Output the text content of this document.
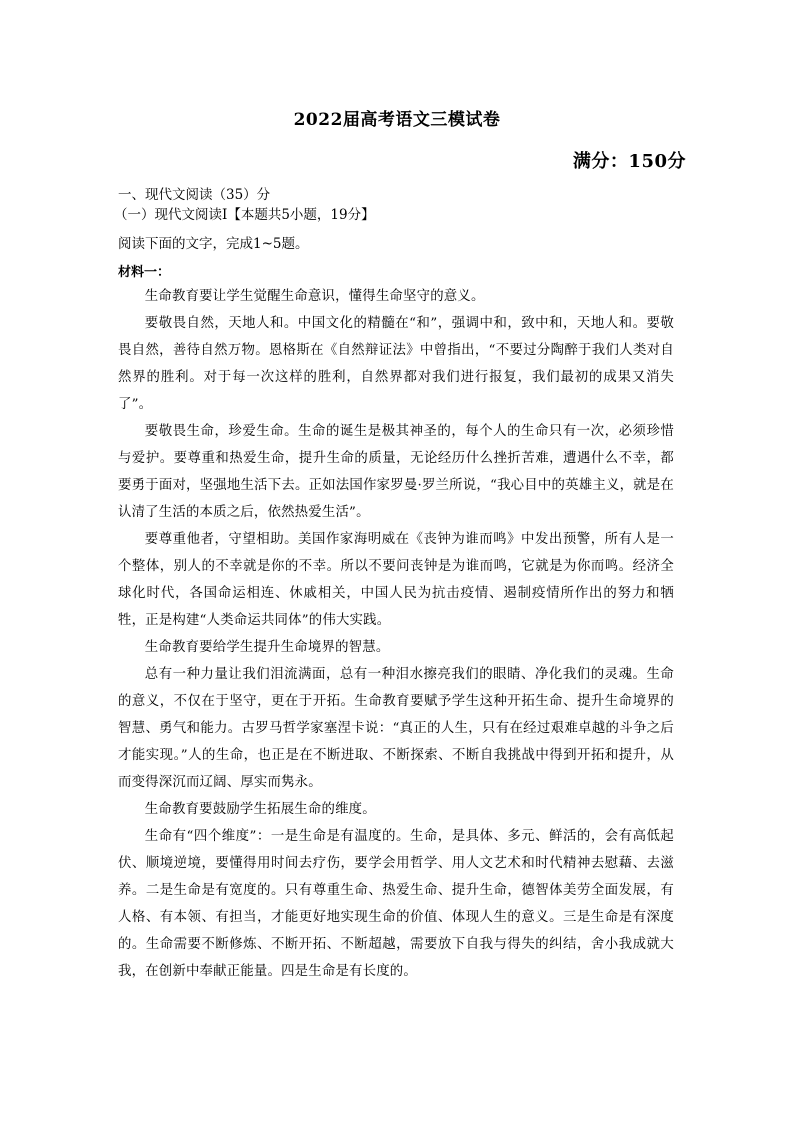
2022届高考语文三模试卷
满分：150分
一、现代文阅读（35）分
（一）现代文阅读Ⅰ【本题共5小题，19分】
阅读下面的文字，完成1~5题。
材料一：

生命教育要让学生觉醒生命意识，懂得生命坚守的意义。

要敬畏自然，天地人和。中国文化的精髓在“和”，强调中和，致中和，天地人和。要敬畏自然，善待自然万物。恩格斯在《自然辩证法》中曾指出，“不要过分陶醉于我们人类对自然界的胜利。对于每一次这样的胜利，自然界都对我们进行报复，我们最初的成果又消失了”。

要敬畏生命，珍爱生命。生命的诞生是极其神圣的，每个人的生命只有一次，必须珍惜与爱护。要尊重和热爱生命，提升生命的质量，无论经历什么挫折苦难，遭遇什么不幸，都要勇于面对，坚强地生活下去。正如法国作家罗曼·罗兰所说，“我心目中的英雄主义，就是在认清了生活的本质之后，依然热爱生活”。

要尊重他者，守望相助。美国作家海明威在《丧钟为谁而鸣》中发出预警，所有人是一个整体，别人的不幸就是你的不幸。所以不要问丧钟是为谁而鸣，它就是为你而鸣。经济全球化时代，各国命运相连、休戚相关，中国人民为抗击疫情、遏制疫情所作出的努力和牺牲，正是构建“人类命运共同体”的伟大实践。

生命教育要给学生提升生命境界的智慧。

总有一种力量让我们泪流满面，总有一种泪水擦亮我们的眼睛、净化我们的灵魂。生命的意义，不仅在于坚守，更在于开拓。生命教育要赋予学生这种开拓生命、提升生命境界的智慧、勇气和能力。古罗马哲学家塞涅卡说：“真正的人生，只有在经过艰难卓越的斗争之后才能实现。”人的生命，也正是在不断进取、不断探索、不断自我挑战中得到开拓和提升，从而变得深沉而辽阔、厚实而隽永。

生命教育要鼓励学生拓展生命的维度。

生命有“四个维度”：一是生命是有温度的。生命，是具体、多元、鲜活的，会有高低起伏、顺境逆境，要懂得用时间去疗伤，要学会用哲学、用人文艺术和时代精神去慰藉、去滋养。二是生命是有宽度的。只有尊重生命、热爱生命、提升生命，德智体美劳全面发展，有人格、有本领、有担当，才能更好地实现生命的价值、体现人生的意义。三是生命是有深度的。生命需要不断修炼、不断开拓、不断超越，需要放下自我与得失的纠结，舍小我成就大我，在创新中奉献正能量。四是生命是有长度的。
